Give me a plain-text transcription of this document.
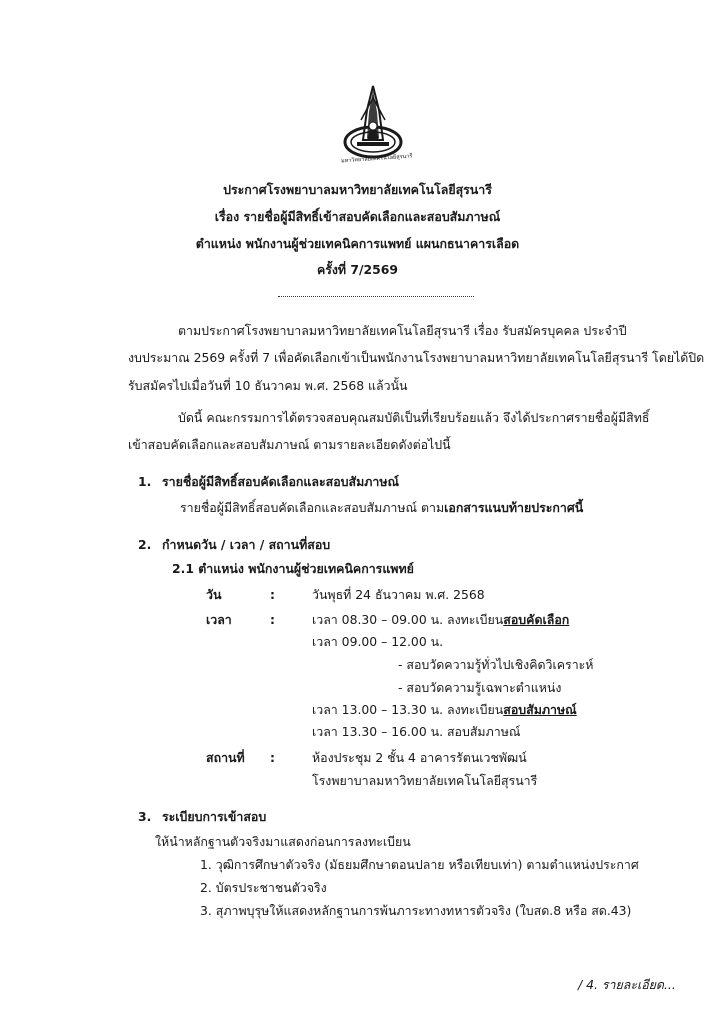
มหาวิทยาลัยเทคโนโลยีสุรนารี
ประกาศโรงพยาบาลมหาวิทยาลัยเทคโนโลยีสุรนารี
เรื่อง รายชื่อผู้มีสิทธิ์เข้าสอบคัดเลือกและสอบสัมภาษณ์
ตำแหน่ง พนักงานผู้ช่วยเทคนิคการแพทย์ แผนกธนาคารเลือด
ครั้งที่ 7/2569
ตามประกาศโรงพยาบาลมหาวิทยาลัยเทคโนโลยีสุรนารี เรื่อง รับสมัครบุคคล ประจำปี
งบประมาณ 2569 ครั้งที่ 7 เพื่อคัดเลือกเข้าเป็นพนักงานโรงพยาบาลมหาวิทยาลัยเทคโนโลยีสุรนารี โดยได้ปิด
รับสมัครไปเมื่อวันที่ 10 ธันวาคม พ.ศ. 2568 แล้วนั้น
บัดนี้ คณะกรรมการได้ตรวจสอบคุณสมบัติเป็นที่เรียบร้อยแล้ว จึงได้ประกาศรายชื่อผู้มีสิทธิ์
เข้าสอบคัดเลือกและสอบสัมภาษณ์ ตามรายละเอียดดังต่อไปนี้
1. รายชื่อผู้มีสิทธิ์สอบคัดเลือกและสอบสัมภาษณ์
รายชื่อผู้มีสิทธิ์สอบคัดเลือกและสอบสัมภาษณ์ ตามเอกสารแนบท้ายประกาศนี้
2. กำหนดวัน / เวลา / สถานที่สอบ
2.1 ตำแหน่ง พนักงานผู้ช่วยเทคนิคการแพทย์
วัน	:	วันพุธที่ 24 ธันวาคม พ.ศ. 2568
เวลา	:	เวลา 08.30 – 09.00 น. ลงทะเบียนสอบคัดเลือก
เวลา 09.00 – 12.00 น.
- สอบวัดความรู้ทั่วไปเชิงคิดวิเคราะห์
- สอบวัดความรู้เฉพาะตำแหน่ง
เวลา 13.00 – 13.30 น. ลงทะเบียนสอบสัมภาษณ์
เวลา 13.30 – 16.00 น. สอบสัมภาษณ์
สถานที่ :	ห้องประชุม 2 ชั้น 4 อาคารรัตนเวชพัฒน์
โรงพยาบาลมหาวิทยาลัยเทคโนโลยีสุรนารี
3. ระเบียบการเข้าสอบ
ให้นำหลักฐานตัวจริงมาแสดงก่อนการลงทะเบียน
1. วุฒิการศึกษาตัวจริง (มัธยมศึกษาตอนปลาย หรือเทียบเท่า) ตามตำแหน่งประกาศ
2. บัตรประชาชนตัวจริง
3. สุภาพบุรุษให้แสดงหลักฐานการพ้นภาระทางทหารตัวจริง (ใบสด.8 หรือ สด.43)
/ 4. รายละเอียด...
